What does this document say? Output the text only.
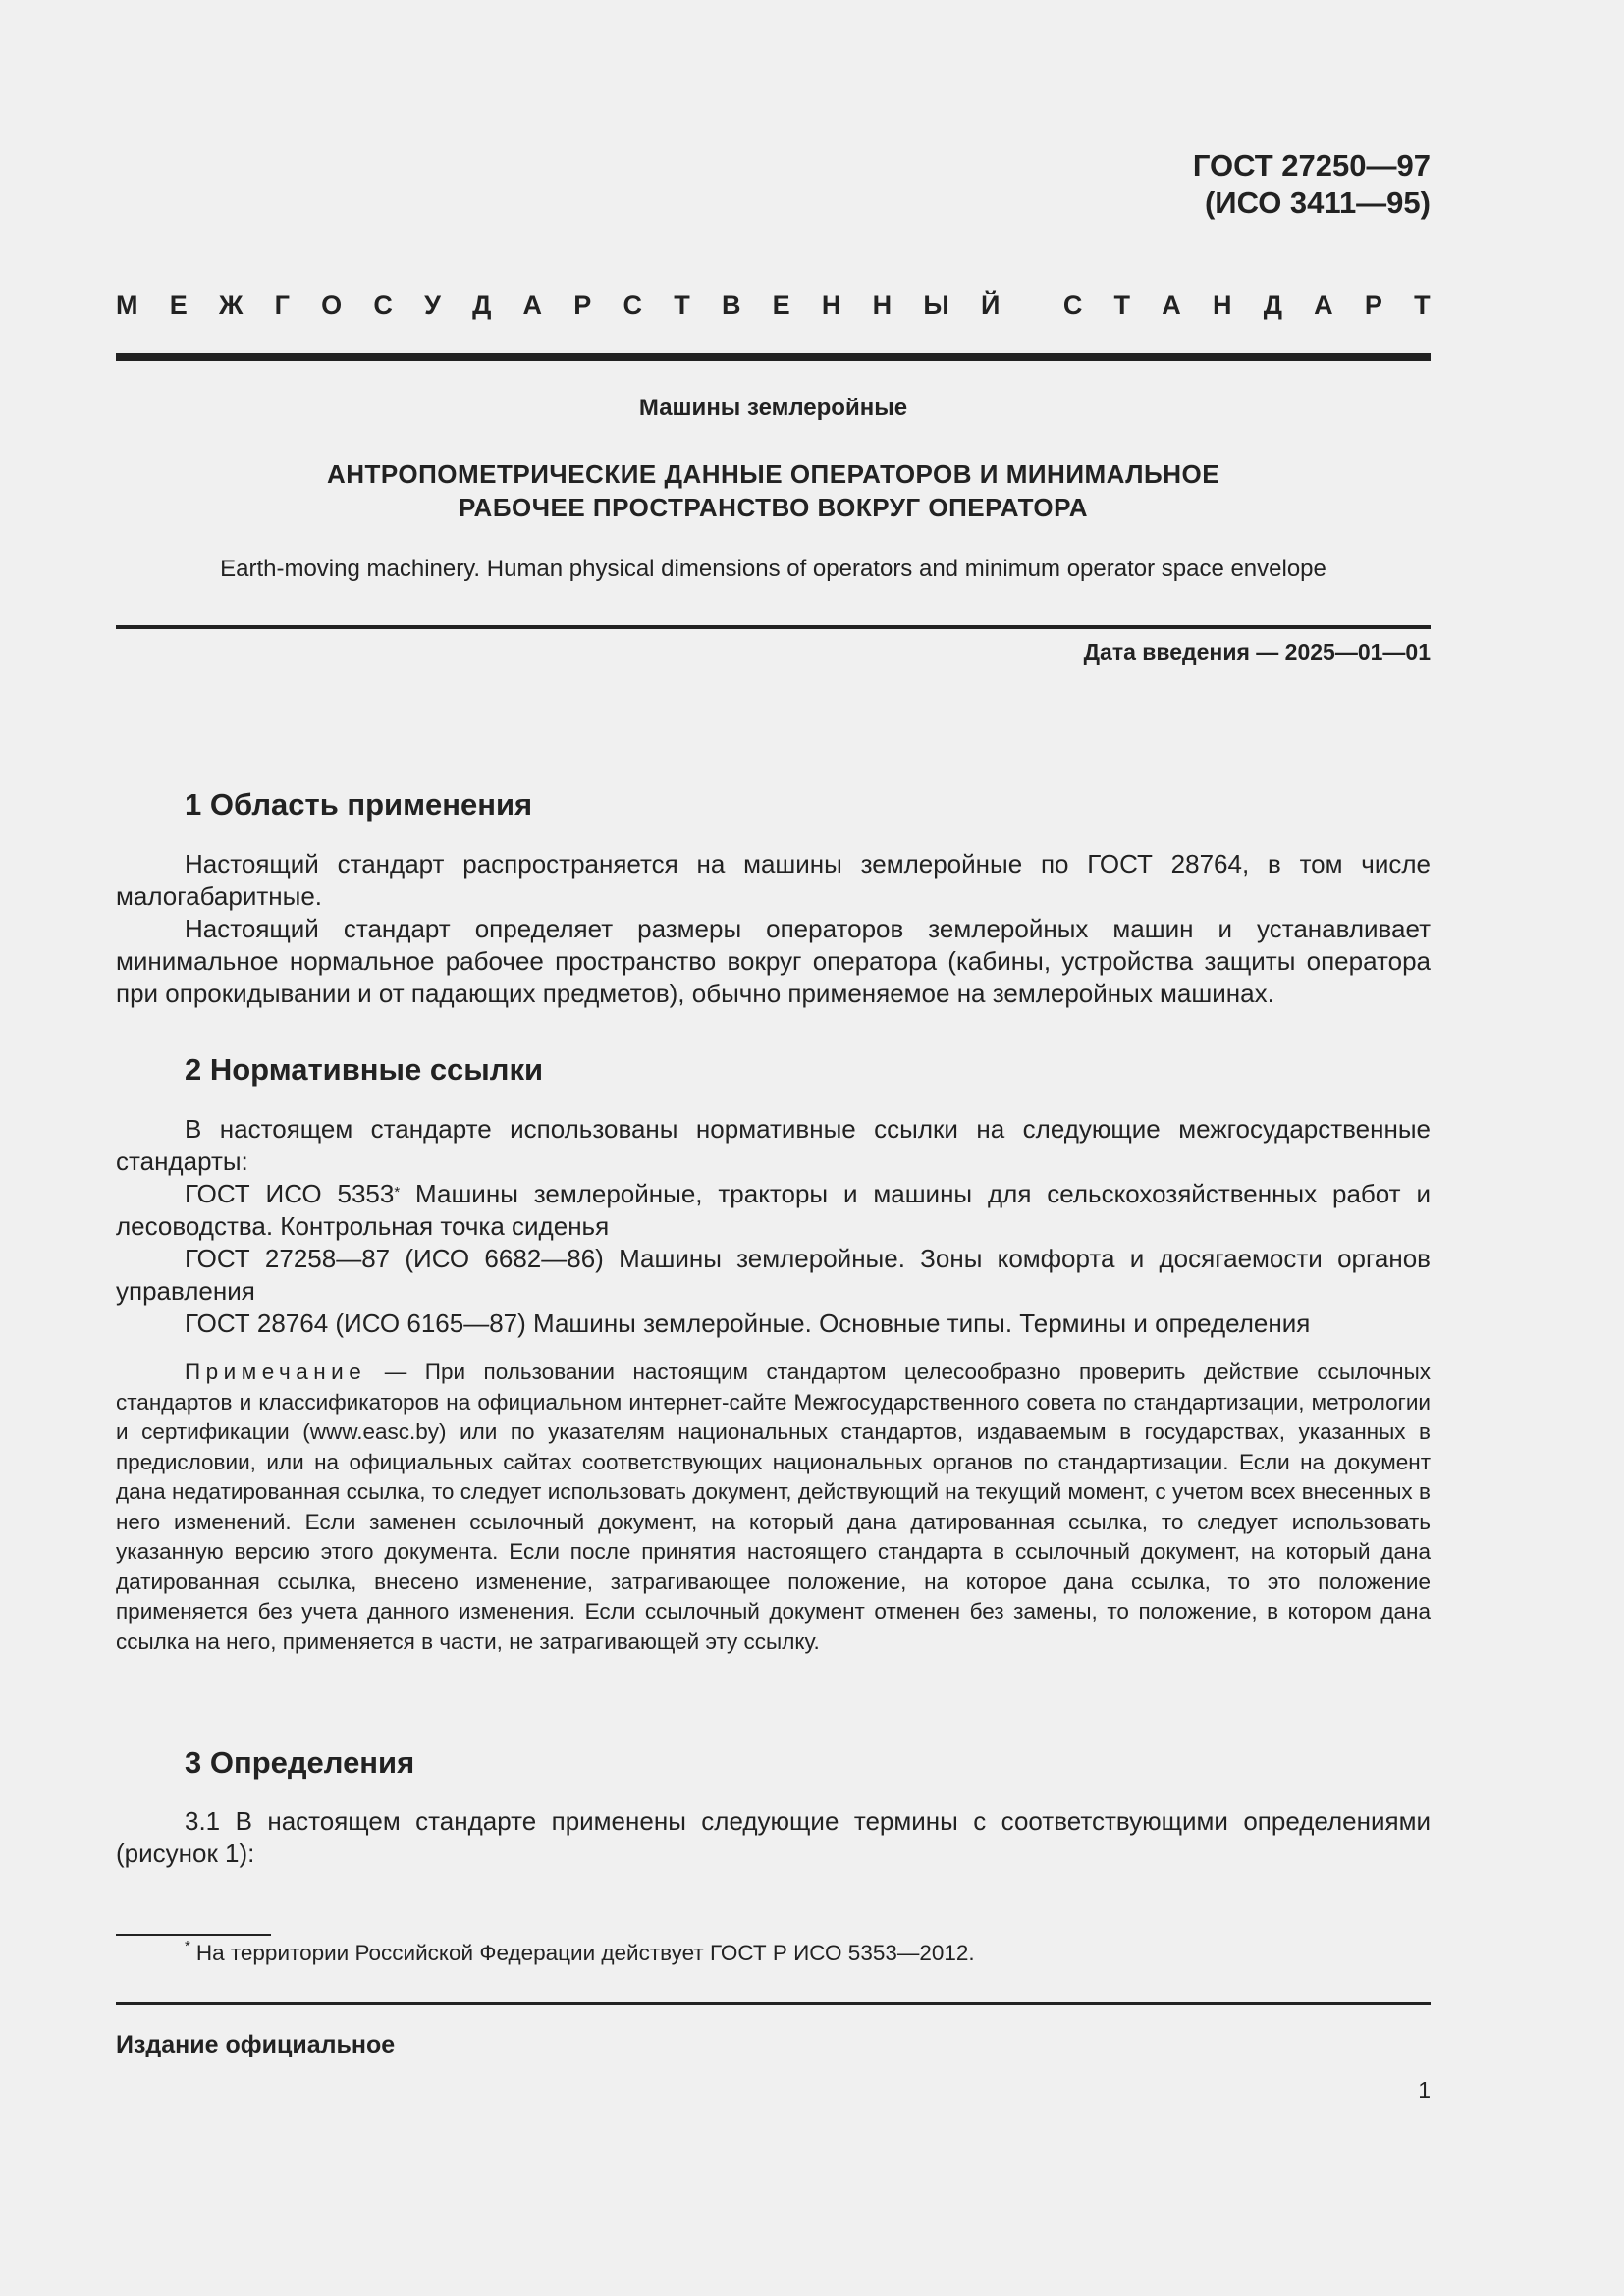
ГОСТ 27250—97
(ИСО 3411—95)
М Е Ж Г О С У Д А Р С Т В Е Н Н Ы Й С Т А Н Д А Р Т
Машины землеройные
АНТРОПОМЕТРИЧЕСКИЕ ДАННЫЕ ОПЕРАТОРОВ И МИНИМАЛЬНОЕ
РАБОЧЕЕ ПРОСТРАНСТВО ВОКРУГ ОПЕРАТОРА
Earth-moving machinery. Human physical dimensions of operators and minimum operator space envelope
Дата введения — 2025—01—01
1 Область применения

Настоящий стандарт распространяется на машины землеройные по ГОСТ 28764, в том числе малогабаритные.

Настоящий стандарт определяет размеры операторов землеройных машин и устанавливает минимальное нормальное рабочее пространство вокруг оператора (кабины, устройства защиты оператора при опрокидывании и от падающих предметов), обычно применяемое на землеройных машинах.

2 Нормативные ссылки

В настоящем стандарте использованы нормативные ссылки на следующие межгосударственные стандарты:

ГОСТ ИСО 5353* Машины землеройные, тракторы и машины для сельскохозяйственных работ и лесоводства. Контрольная точка сиденья

ГОСТ 27258—87 (ИСО 6682—86) Машины землеройные. Зоны комфорта и досягаемости органов управления

ГОСТ 28764 (ИСО 6165—87) Машины землеройные. Основные типы. Термины и определения

Примечание — При пользовании настоящим стандартом целесообразно проверить действие ссылочных стандартов и классификаторов на официальном интернет-сайте Межгосударственного совета по стандартизации, метрологии и сертификации (www.easc.by) или по указателям национальных стандартов, издаваемым в государствах, указанных в предисловии, или на официальных сайтах соответствующих национальных органов по стандартизации. Если на документ дана недатированная ссылка, то следует использовать документ, действующий на текущий момент, с учетом всех внесенных в него изменений. Если заменен ссылочный документ, на который дана датированная ссылка, то следует использовать указанную версию этого документа. Если после принятия настоящего стандарта в ссылочный документ, на который дана датированная ссылка, внесено изменение, затрагивающее положение, на которое дана ссылка, то это положение применяется без учета данного изменения. Если ссылочный документ отменен без замены, то положение, в котором дана ссылка на него, применяется в части, не затрагивающей эту ссылку.
3 Определения

3.1 В настоящем стандарте применены следующие термины с соответствующими определениями (рисунок 1):

* На территории Российской Федерации действует ГОСТ Р ИСО 5353—2012.
Издание официальное
1
